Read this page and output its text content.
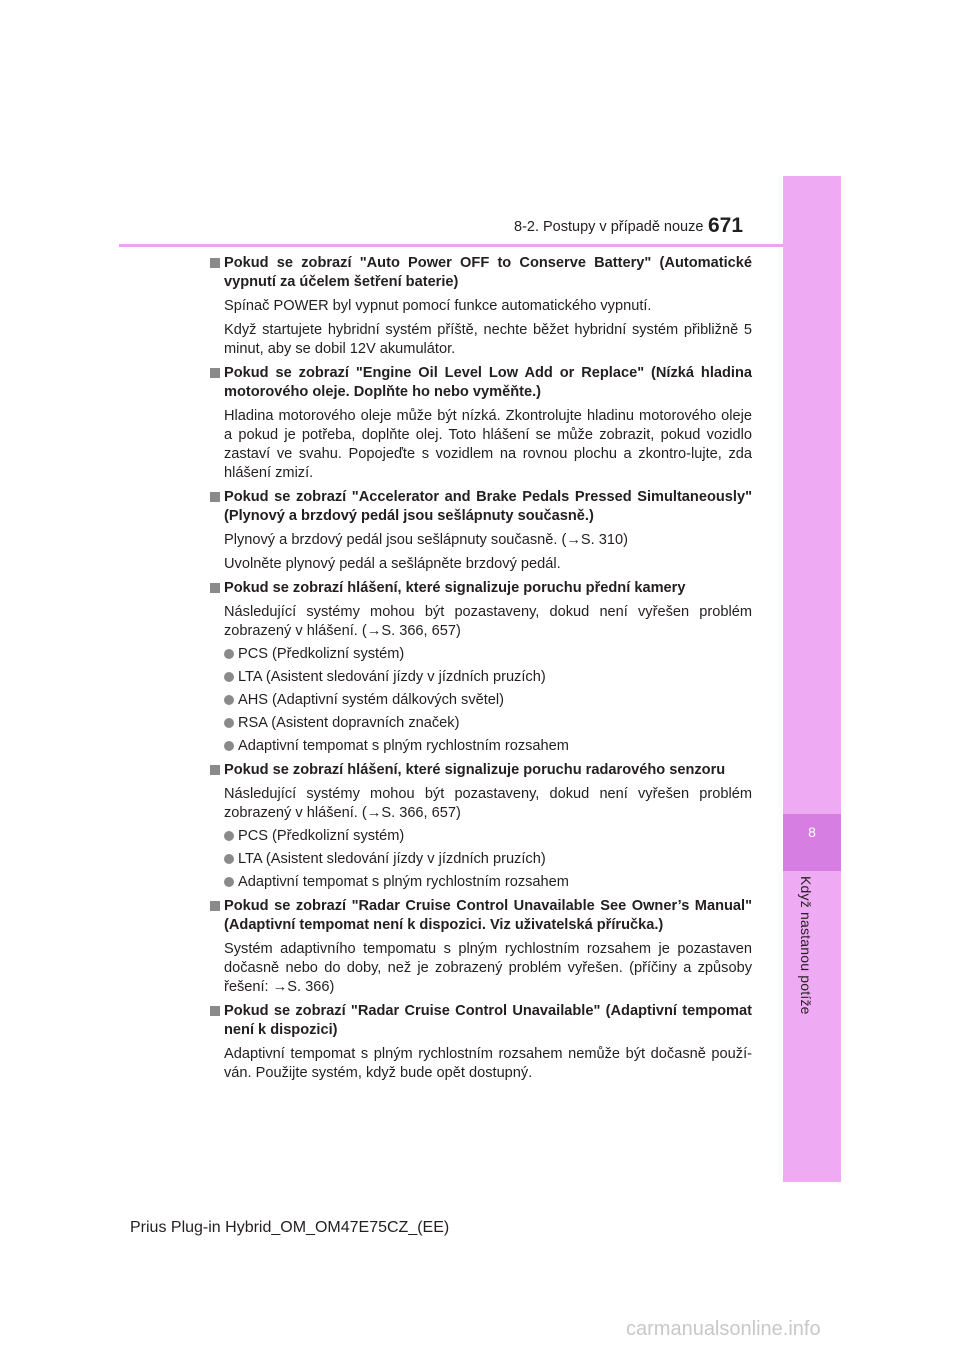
8-2. Postupy v případě nouze 671
8
Když nastanou potíže
Pokud se zobrazí "Auto Power OFF to Conserve Battery" (Automatické vypnutí za účelem šetření baterie)
Spínač POWER byl vypnut pomocí funkce automatického vypnutí.
Když startujete hybridní systém příště, nechte běžet hybridní systém přibližně 5 minut, aby se dobil 12V akumulátor.
Pokud se zobrazí "Engine Oil Level Low Add or Replace" (Nízká hladina motorového oleje. Doplňte ho nebo vyměňte.)
Hladina motorového oleje může být nízká. Zkontrolujte hladinu motorového oleje a pokud je potřeba, doplňte olej. Toto hlášení se může zobrazit, pokud vozidlo zastaví ve svahu. Popojeďte s vozidlem na rovnou plochu a zkontro-lujte, zda hlášení zmizí.
Pokud se zobrazí "Accelerator and Brake Pedals Pressed Simultaneously" (Plynový a brzdový pedál jsou sešlápnuty současně.)
Plynový a brzdový pedál jsou sešlápnuty současně. (→S. 310)
Uvolněte plynový pedál a sešlápněte brzdový pedál.
Pokud se zobrazí hlášení, které signalizuje poruchu přední kamery
Následující systémy mohou být pozastaveny, dokud není vyřešen problém zobrazený v hlášení. (→S. 366, 657)
PCS (Předkolizní systém)
LTA (Asistent sledování jízdy v jízdních pruzích)
AHS (Adaptivní systém dálkových světel)
RSA (Asistent dopravních značek)
Adaptivní tempomat s plným rychlostním rozsahem
Pokud se zobrazí hlášení, které signalizuje poruchu radarového senzoru
Následující systémy mohou být pozastaveny, dokud není vyřešen problém zobrazený v hlášení. (→S. 366, 657)
PCS (Předkolizní systém)
LTA (Asistent sledování jízdy v jízdních pruzích)
Adaptivní tempomat s plným rychlostním rozsahem
Pokud se zobrazí "Radar Cruise Control Unavailable See Owner’s Manual" (Adaptivní tempomat není k dispozici. Viz uživatelská příručka.)
Systém adaptivního tempomatu s plným rychlostním rozsahem je pozastaven dočasně nebo do doby, než je zobrazený problém vyřešen. (příčiny a způsoby řešení: →S. 366)
Pokud se zobrazí "Radar Cruise Control Unavailable" (Adaptivní tempomat není k dispozici)
Adaptivní tempomat s plným rychlostním rozsahem nemůže být dočasně použí-ván. Použijte systém, když bude opět dostupný.
Prius Plug-in Hybrid_OM_OM47E75CZ_(EE)
carmanualsonline.info
